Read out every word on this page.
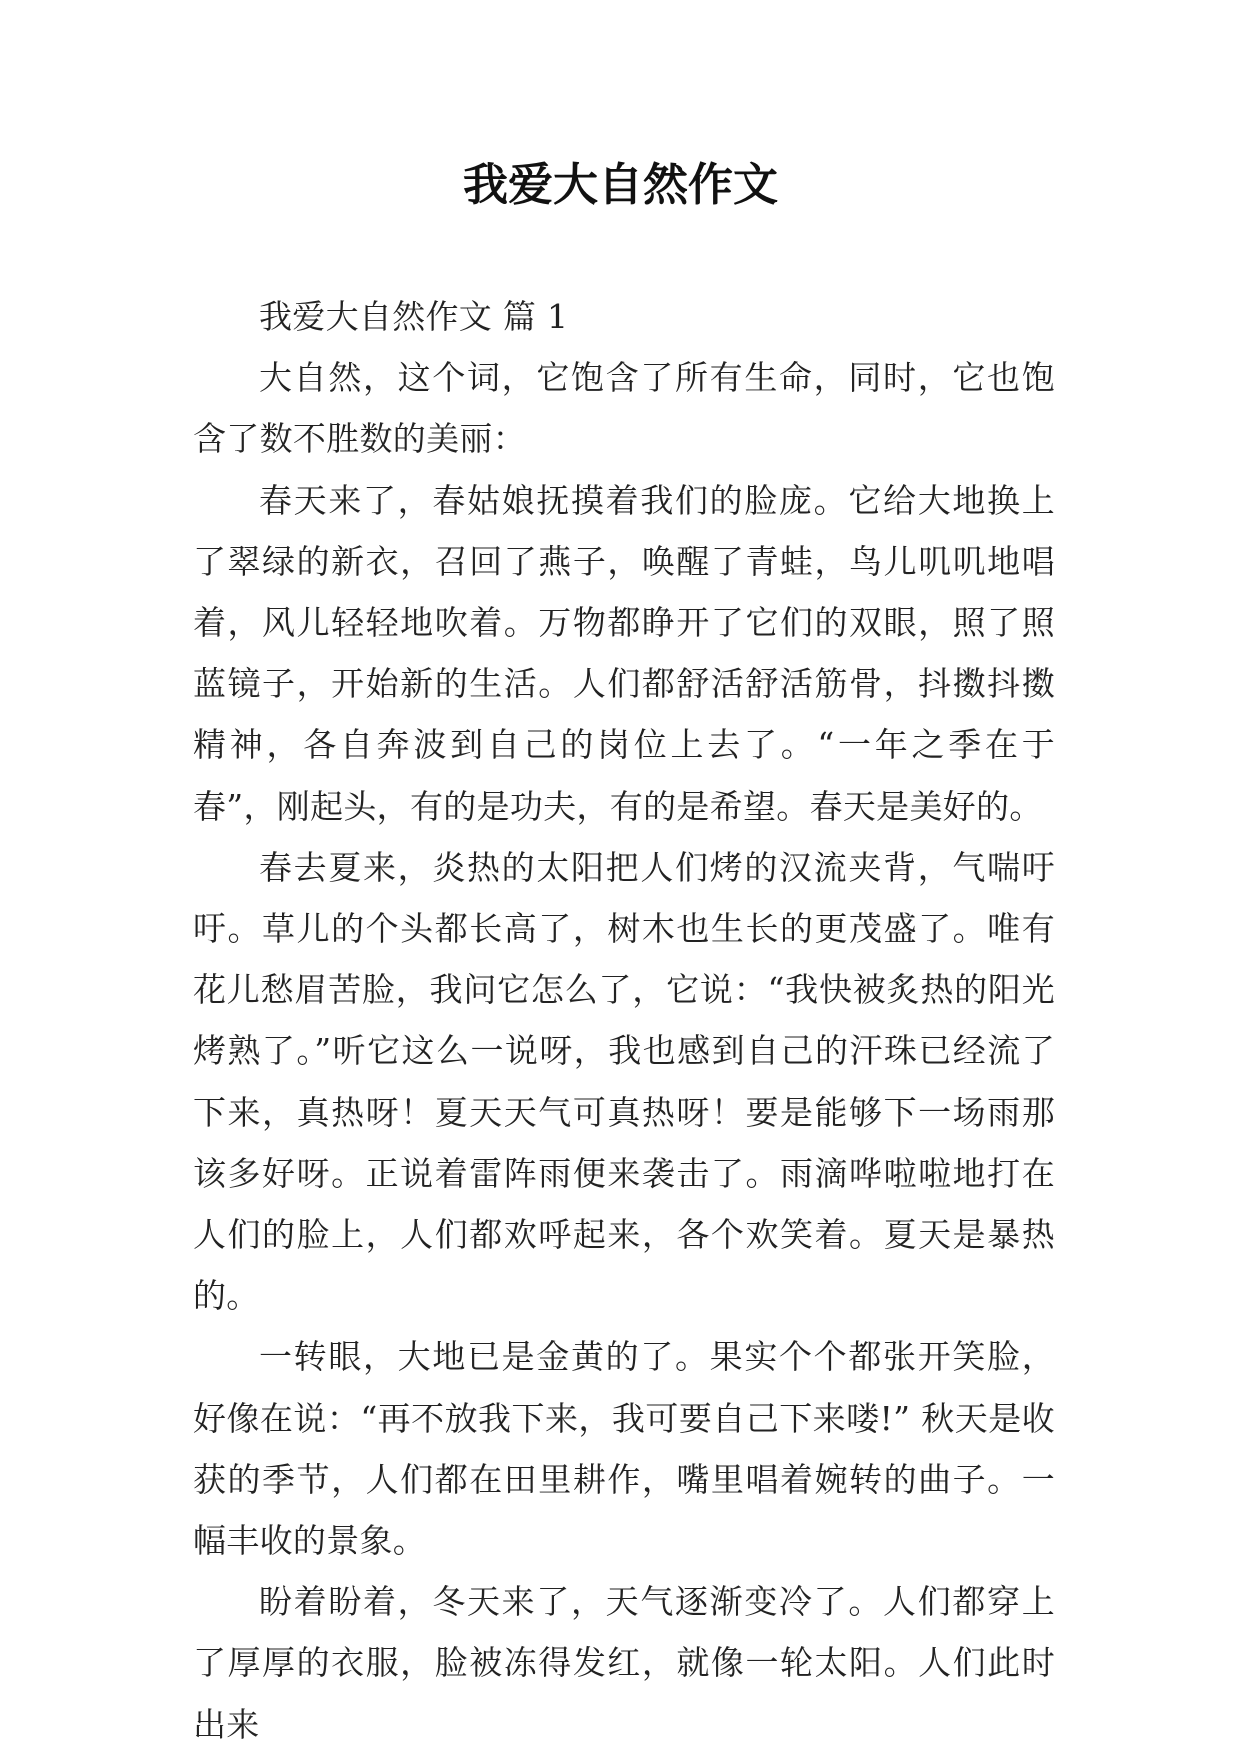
我爱大自然作文

我爱大自然作文 篇 1

大自然，这个词，它饱含了所有生命，同时，它也饱含了数不胜数的美丽：

春天来了，春姑娘抚摸着我们的脸庞。它给大地换上了翠绿的新衣，召回了燕子，唤醒了青蛙，鸟儿叽叽地唱着，风儿轻轻地吹着。万物都睁开了它们的双眼，照了照蓝镜子，开始新的生活。人们都舒活舒活筋骨，抖擞抖擞精神，各自奔波到自己的岗位上去了。“一年之季在于春”，刚起头，有的是功夫，有的是希望。春天是美好的。

春去夏来，炎热的太阳把人们烤的汉流夹背，气喘吁吁。草儿的个头都长高了，树木也生长的更茂盛了。唯有花儿愁眉苦脸，我问它怎么了，它说：“我快被炙热的阳光烤熟了。”听它这么一说呀，我也感到自己的汗珠已经流了下来，真热呀！夏天天气可真热呀！要是能够下一场雨那该多好呀。正说着雷阵雨便来袭击了。雨滴哗啦啦地打在人们的脸上，人们都欢呼起来，各个欢笑着。夏天是暴热的。

一转眼，大地已是金黄的了。果实个个都张开笑脸，好像在说：“再不放我下来，我可要自己下来喽!” 秋天是收获的季节，人们都在田里耕作，嘴里唱着婉转的曲子。一幅丰收的景象。

盼着盼着，冬天来了，天气逐渐变冷了。人们都穿上了厚厚的衣服，脸被冻得发红，就像一轮太阳。人们此时出来
